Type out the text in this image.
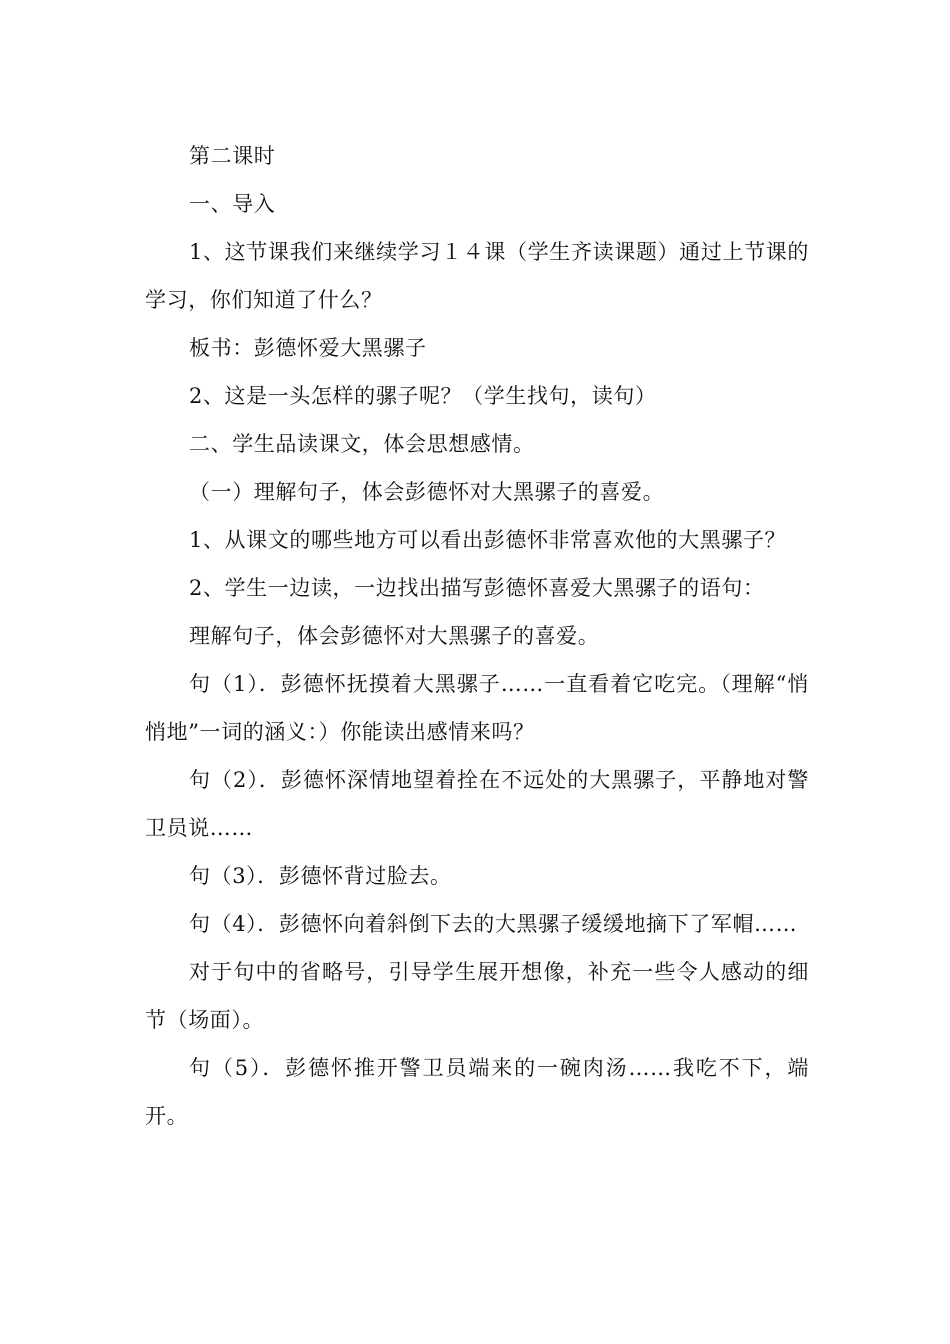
第二课时

一、导入

1、这节课我们来继续学习１４课（学生齐读课题）通过上节课的学习，你们知道了什么？

板书：彭德怀爱大黑骡子

2、这是一头怎样的骡子呢？（学生找句，读句）

二、学生品读课文，体会思想感情。

（一）理解句子，体会彭德怀对大黑骡子的喜爱。

1、从课文的哪些地方可以看出彭德怀非常喜欢他的大黑骡子？

2、学生一边读，一边找出描写彭德怀喜爱大黑骡子的语句：

理解句子，体会彭德怀对大黑骡子的喜爱。

句（1）．彭德怀抚摸着大黑骡子……一直看着它吃完。（理解“悄悄地”一词的涵义：）你能读出感情来吗？

句（2）．彭德怀深情地望着拴在不远处的大黑骡子，平静地对警卫员说……

句（3）．彭德怀背过脸去。

句（4）．彭德怀向着斜倒下去的大黑骡子缓缓地摘下了军帽……

对于句中的省略号，引导学生展开想像，补充一些令人感动的细节（场面）。

句（5）．彭德怀推开警卫员端来的一碗肉汤……我吃不下，端开。
